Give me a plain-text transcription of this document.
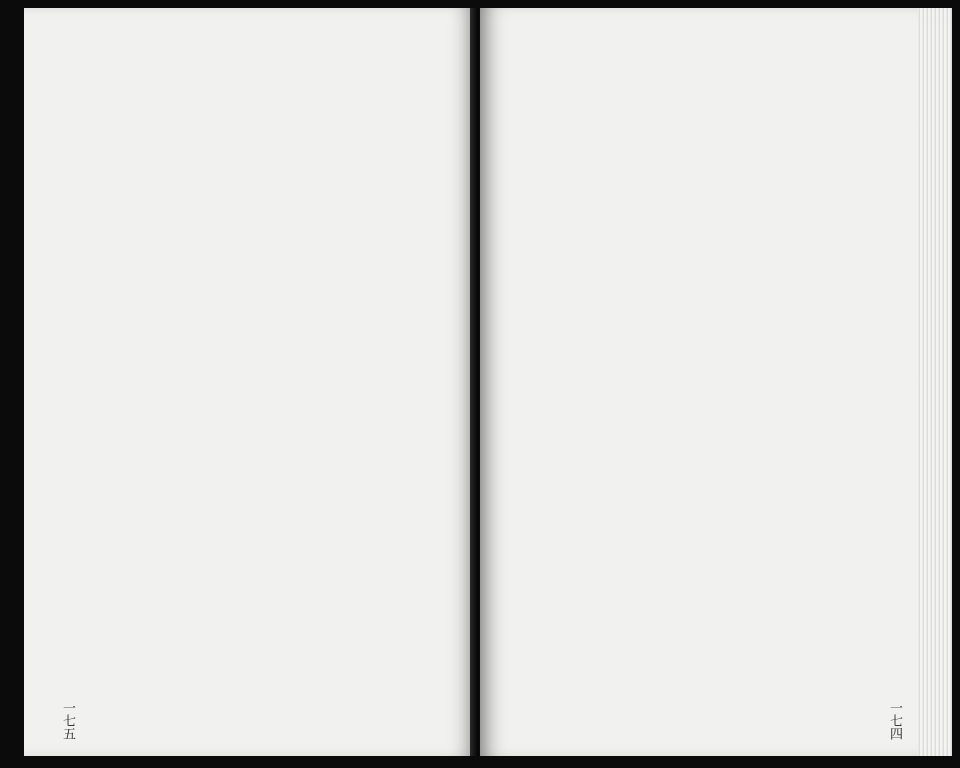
一七五	一七四
